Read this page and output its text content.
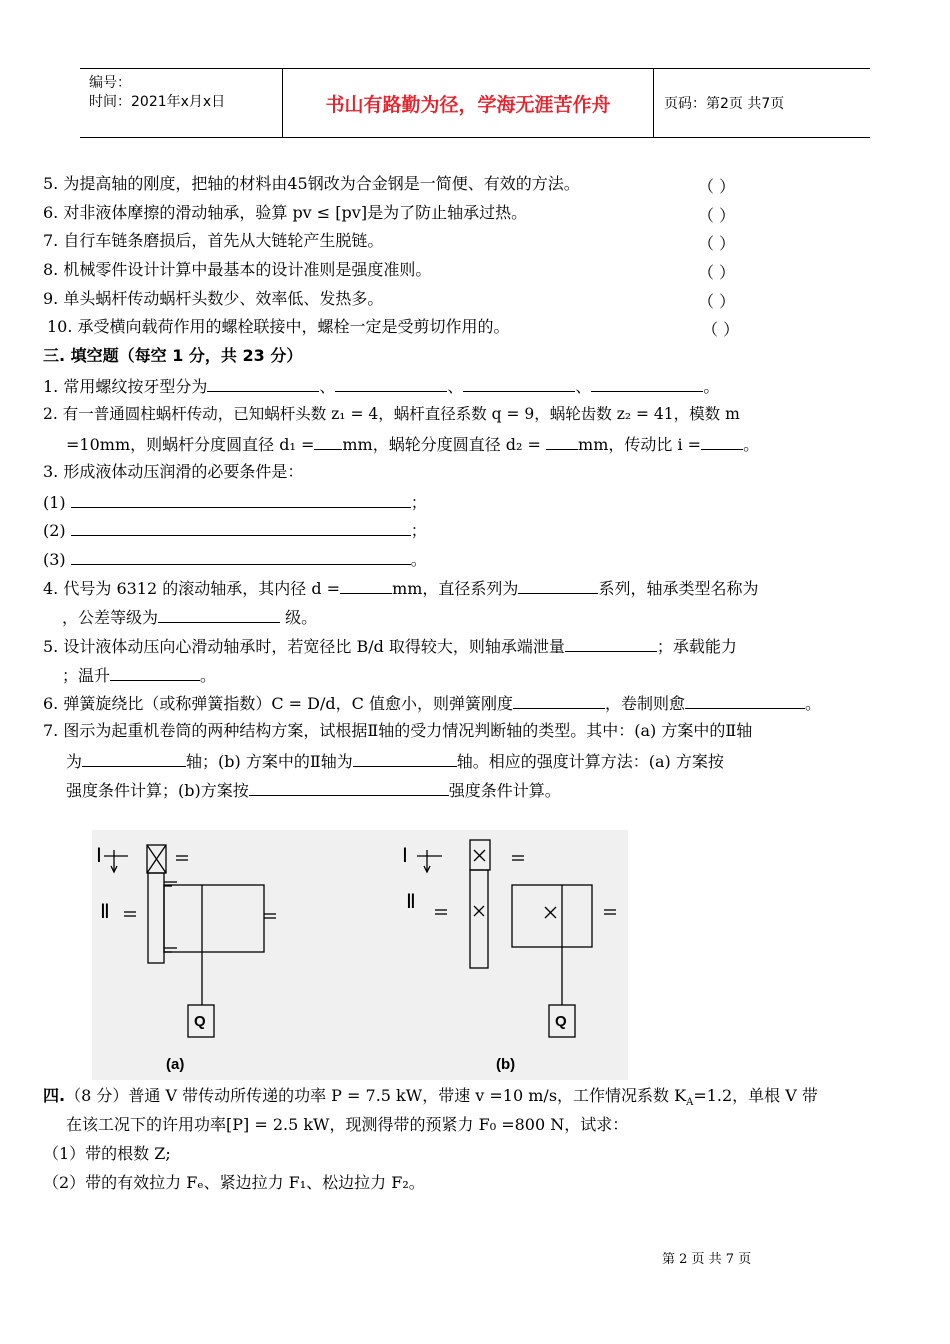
编号：
时间：2021年x月x日	书山有路勤为径，学海无涯苦作舟	页码：第2页 共7页
5. 为提高轴的刚度，把轴的材料由45钢改为合金钢是一简便、有效的方法。	（ ）
6. 对非液体摩擦的滑动轴承，验算 pv ≤ [pv]是为了防止轴承过热。	（ ）
7. 自行车链条磨损后，首先从大链轮产生脱链。	（ ）
8. 机械零件设计计算中最基本的设计准则是强度准则。	（ ）
9. 单头蜗杆传动蜗杆头数少、效率低、发热多。	（ ）
10. 承受横向载荷作用的螺栓联接中，螺栓一定是受剪切作用的。	（ ）
三. 填空题（每空 1 分，共 23 分）
1. 常用螺纹按牙型分为	、	、	、	。
2. 有一普通圆柱蜗杆传动，已知蜗杆头数 z₁ = 4，蜗杆直径系数 q = 9，蜗轮齿数 z₂ = 41，模数 m
=10mm，则蜗杆分度圆直径 d₁ = mm，蜗轮分度圆直径 d₂ = mm，传动比 i =	。
3. 形成液体动压润滑的必要条件是：
(1)	；
(2)	；
(3)	。
4. 代号为 6312 的滚动轴承，其内径 d =	mm，直径系列为	系列，轴承类型名称为
，公差等级为	级。
5. 设计液体动压向心滑动轴承时，若宽径比 B/d 取得较大，则轴承端泄量	；承载能力
；温升	。
6. 弹簧旋绕比（或称弹簧指数）C = D/d，C 值愈小，则弹簧刚度	，卷制则愈	。
7. 图示为起重机卷筒的两种结构方案，试根据Ⅱ轴的受力情况判断轴的类型。其中：(a) 方案中的Ⅱ轴
为	轴；(b) 方案中的Ⅱ轴为	轴。相应的强度计算方法：(a) 方案按
强度条件计算；(b)方案按	强度条件计算。
Ⅰ
Ⅱ
Ⅰ
Ⅱ
Q	Q
(a)	(b)
四.（8 分）普通 V 带传动所传递的功率 P = 7.5 kW，带速 v =10 m/s，工作情况系数 $K_A=1.2$，单根 V 带
在该工况下的许用功率[P] = 2.5 kW，现测得带的预紧力 F₀ =800 N，试求：
（1）带的根数 Z;
（2）带的有效拉力 Fₑ、紧边拉力 F₁、松边拉力 F₂。
第 2 页 共 7 页
